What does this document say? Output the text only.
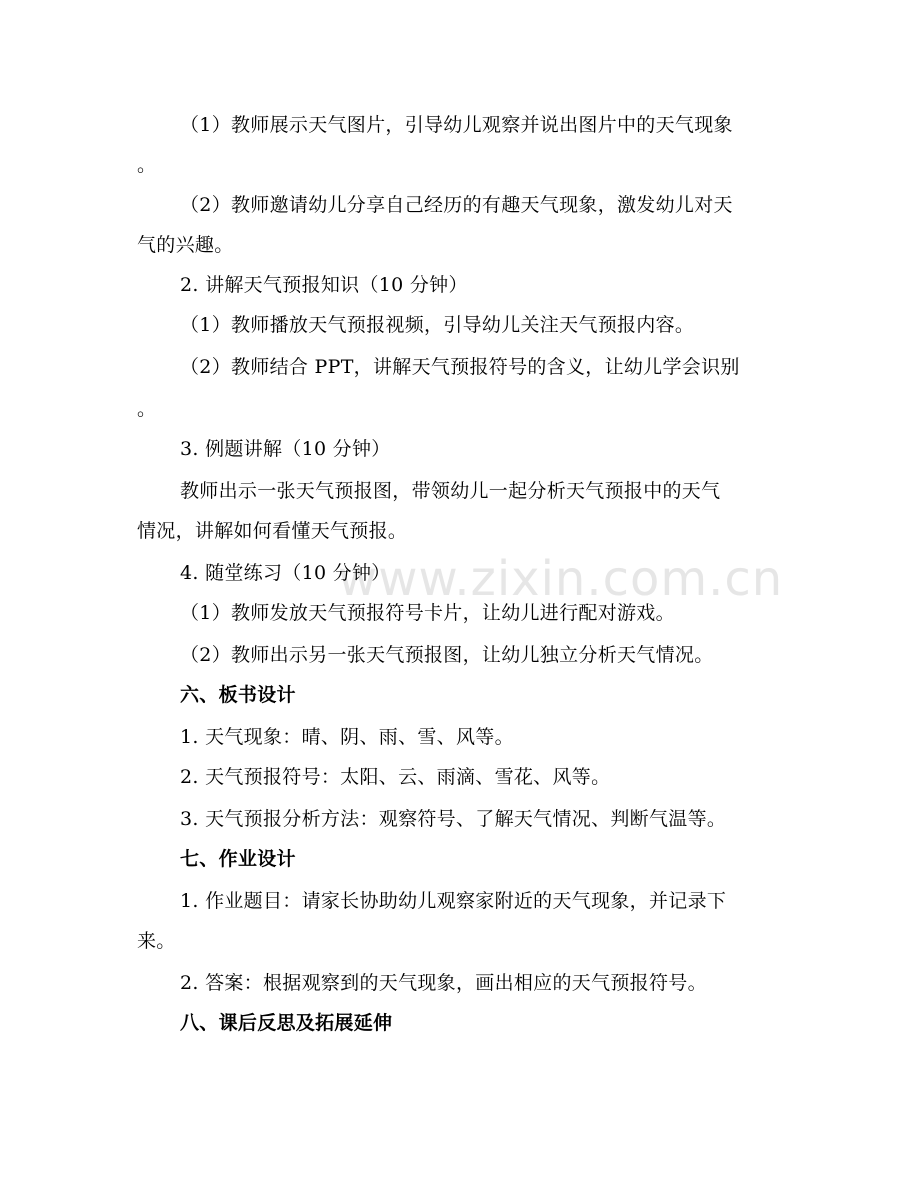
www.zixin.com.cn
（1）教师展示天气图片，引导幼儿观察并说出图片中的天气现象
。
（2）教师邀请幼儿分享自己经历的有趣天气现象，激发幼儿对天
气的兴趣。
2. 讲解天气预报知识（10 分钟）
（1）教师播放天气预报视频，引导幼儿关注天气预报内容。
（2）教师结合 PPT，讲解天气预报符号的含义，让幼儿学会识别
。
3. 例题讲解（10 分钟）
教师出示一张天气预报图，带领幼儿一起分析天气预报中的天气
情况，讲解如何看懂天气预报。
4. 随堂练习（10 分钟）
（1）教师发放天气预报符号卡片，让幼儿进行配对游戏。
（2）教师出示另一张天气预报图，让幼儿独立分析天气情况。
六、板书设计
1. 天气现象：晴、阴、雨、雪、风等。
2. 天气预报符号：太阳、云、雨滴、雪花、风等。
3. 天气预报分析方法：观察符号、了解天气情况、判断气温等。
七、作业设计
1. 作业题目：请家长协助幼儿观察家附近的天气现象，并记录下
来。
2. 答案：根据观察到的天气现象，画出相应的天气预报符号。
八、课后反思及拓展延伸
